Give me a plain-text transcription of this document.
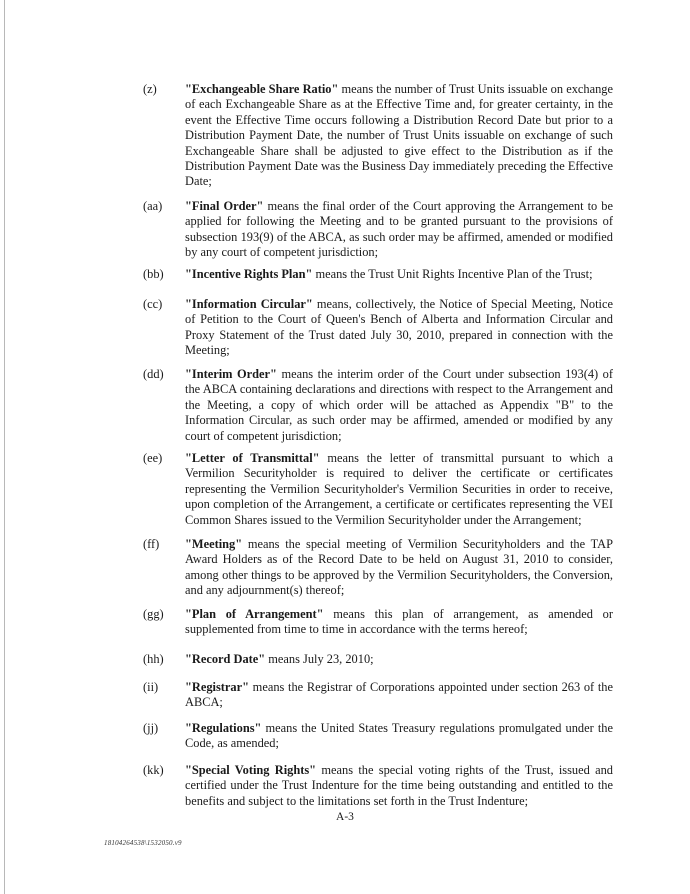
(z)	"Exchangeable Share Ratio" means the number of Trust Units issuable on exchange of each Exchangeable Share as at the Effective Time and, for greater certainty, in the event the Effective Time occurs following a Distribution Record Date but prior to a Distribution Payment Date, the number of Trust Units issuable on exchange of such Exchangeable Share shall be adjusted to give effect to the Distribution as if the Distribution Payment Date was the Business Day immediately preceding the Effective Date;
(aa)	"Final Order" means the final order of the Court approving the Arrangement to be applied for following the Meeting and to be granted pursuant to the provisions of subsection 193(9) of the ABCA, as such order may be affirmed, amended or modified by any court of competent jurisdiction;
(bb)	"Incentive Rights Plan" means the Trust Unit Rights Incentive Plan of the Trust;
(cc)	"Information Circular" means, collectively, the Notice of Special Meeting, Notice of Petition to the Court of Queen's Bench of Alberta and Information Circular and Proxy Statement of the Trust dated July 30, 2010, prepared in connection with the Meeting;
(dd)	"Interim Order" means the interim order of the Court under subsection 193(4) of the ABCA containing declarations and directions with respect to the Arrangement and the Meeting, a copy of which order will be attached as Appendix "B" to the Information Circular, as such order may be affirmed, amended or modified by any court of competent jurisdiction;
(ee)	"Letter of Transmittal" means the letter of transmittal pursuant to which a Vermilion Securityholder is required to deliver the certificate or certificates representing the Vermilion Securityholder's Vermilion Securities in order to receive, upon completion of the Arrangement, a certificate or certificates representing the VEI Common Shares issued to the Vermilion Securityholder under the Arrangement;
(ff)	"Meeting" means the special meeting of Vermilion Securityholders and the TAP Award Holders as of the Record Date to be held on August 31, 2010 to consider, among other things to be approved by the Vermilion Securityholders, the Conversion, and any adjournment(s) thereof;
(gg)	"Plan of Arrangement" means this plan of arrangement, as amended or supplemented from time to time in accordance with the terms hereof;
(hh)	"Record Date" means July 23, 2010;
(ii)	"Registrar" means the Registrar of Corporations appointed under section 263 of the ABCA;
(jj)	"Regulations" means the United States Treasury regulations promulgated under the Code, as amended;
(kk)	"Special Voting Rights" means the special voting rights of the Trust, issued and certified under the Trust Indenture for the time being outstanding and entitled to the benefits and subject to the limitations set forth in the Trust Indenture;
A-3
18104264538\1532050.v9
